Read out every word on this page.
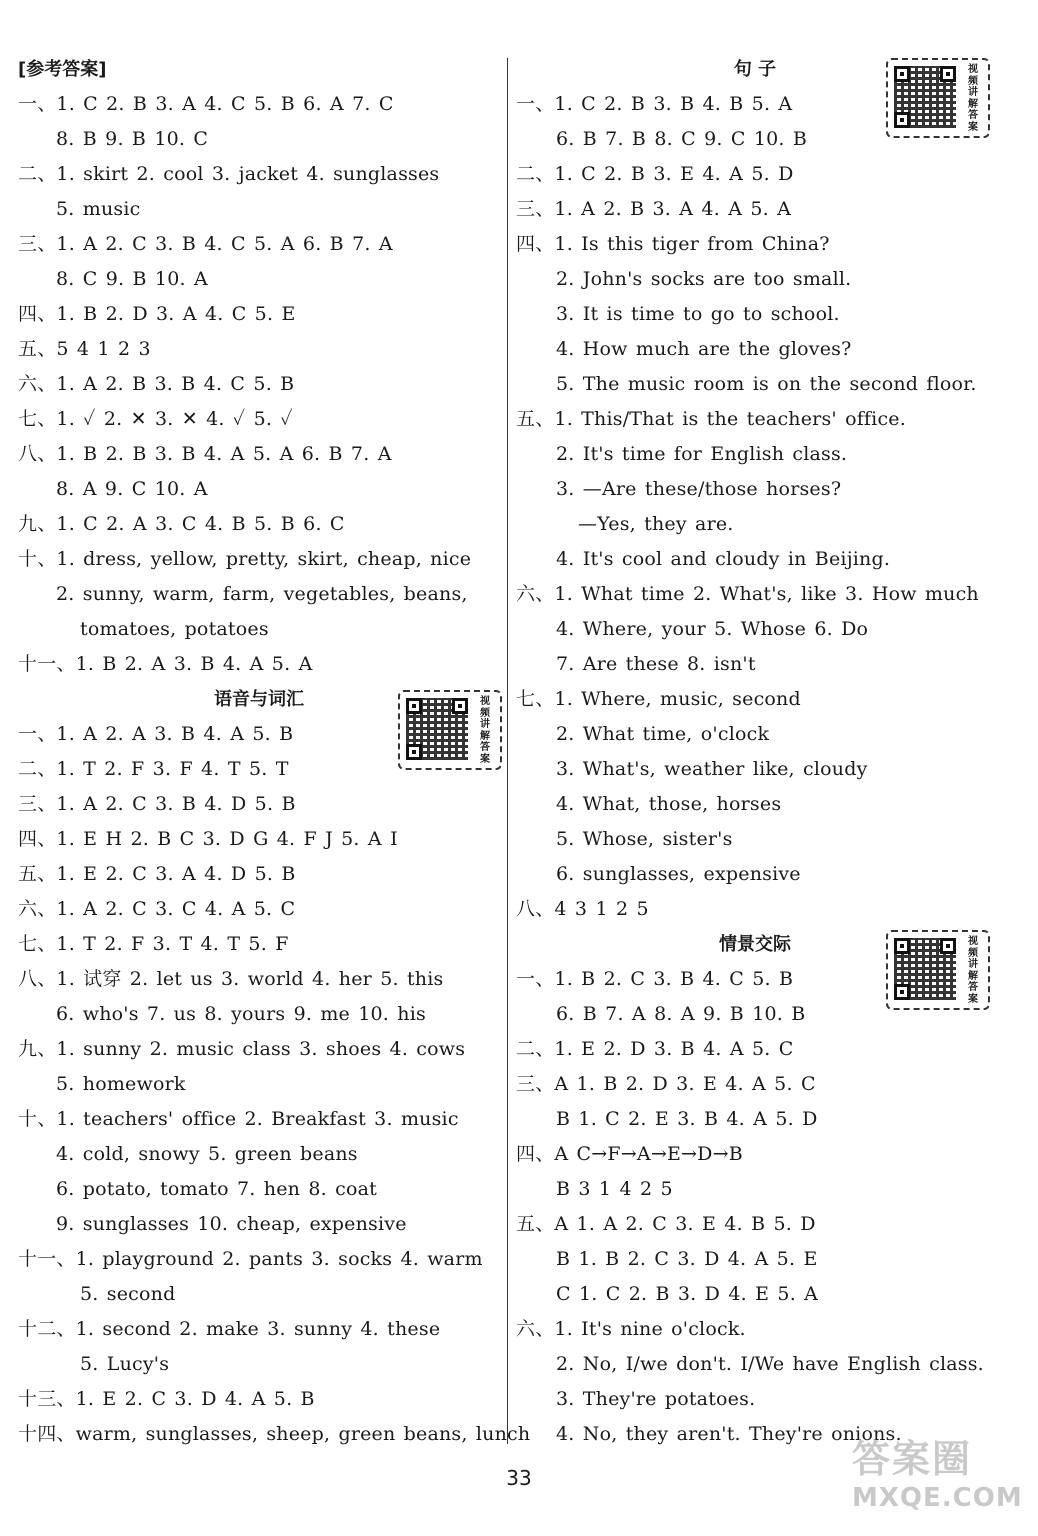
[参考答案]
一、1. C 2. B 3. A 4. C 5. B 6. A 7. C
8. B 9. B 10. C
二、1. skirt 2. cool 3. jacket 4. sunglasses
5. music
三、1. A 2. C 3. B 4. C 5. A 6. B 7. A
8. C 9. B 10. A
四、1. B 2. D 3. A 4. C 5. E
五、5 4 1 2 3
六、1. A 2. B 3. B 4. C 5. B
七、1. ✓ 2. ✕ 3. ✕ 4. ✓ 5. ✓
八、1. B 2. B 3. B 4. A 5. A 6. B 7. A
8. A 9. C 10. A
九、1. C 2. A 3. C 4. B 5. B 6. C
十、1. dress, yellow, pretty, skirt, cheap, nice
2. sunny, warm, farm, vegetables, beans,
tomatoes, potatoes
十一、1. B 2. A 3. B 4. A 5. A
语音与词汇
一、1. A 2. A 3. B 4. A 5. B
二、1. T 2. F 3. F 4. T 5. T
三、1. A 2. C 3. B 4. D 5. B
四、1. E H 2. B C 3. D G 4. F J 5. A I
五、1. E 2. C 3. A 4. D 5. B
六、1. A 2. C 3. C 4. A 5. C
七、1. T 2. F 3. T 4. T 5. F
八、1. 试穿 2. let us 3. world 4. her 5. this
6. who's 7. us 8. yours 9. me 10. his
九、1. sunny 2. music class 3. shoes 4. cows
5. homework
十、1. teachers' office 2. Breakfast 3. music
4. cold, snowy 5. green beans
6. potato, tomato 7. hen 8. coat
9. sunglasses 10. cheap, expensive
十一、1. playground 2. pants 3. socks 4. warm
5. second
十二、1. second 2. make 3. sunny 4. these
5. Lucy's
十三、1. E 2. C 3. D 4. A 5. B
十四、warm, sunglasses, sheep, green beans, lunch
句 子
一、1. C 2. B 3. B 4. B 5. A
6. B 7. B 8. C 9. C 10. B
二、1. C 2. B 3. E 4. A 5. D
三、1. A 2. B 3. A 4. A 5. A
四、1. Is this tiger from China?
2. John's socks are too small.
3. It is time to go to school.
4. How much are the gloves?
5. The music room is on the second floor.
五、1. This/That is the teachers' office.
2. It's time for English class.
3. —Are these/those horses?
—Yes, they are.
4. It's cool and cloudy in Beijing.
六、1. What time 2. What's, like 3. How much
4. Where, your 5. Whose 6. Do
7. Are these 8. isn't
七、1. Where, music, second
2. What time, o'clock
3. What's, weather like, cloudy
4. What, those, horses
5. Whose, sister's
6. sunglasses, expensive
八、4 3 1 2 5
情景交际
一、1. B 2. C 3. B 4. C 5. B
6. B 7. A 8. A 9. B 10. B
二、1. E 2. D 3. B 4. A 5. C
三、A 1. B 2. D 3. E 4. A 5. C
B 1. C 2. E 3. B 4. A 5. D
四、A C→F→A→E→D→B
B 3 1 4 2 5
五、A 1. A 2. C 3. E 4. B 5. D
B 1. B 2. C 3. D 4. A 5. E
C 1. C 2. B 3. D 4. E 5. A
六、1. It's nine o'clock.
2. No, I/we don't. I/We have English class.
3. They're potatoes.
4. No, they aren't. They're onions.
视频讲解答案
视频讲解答案
视频讲解答案
33	答案圈
MXQE.COM
